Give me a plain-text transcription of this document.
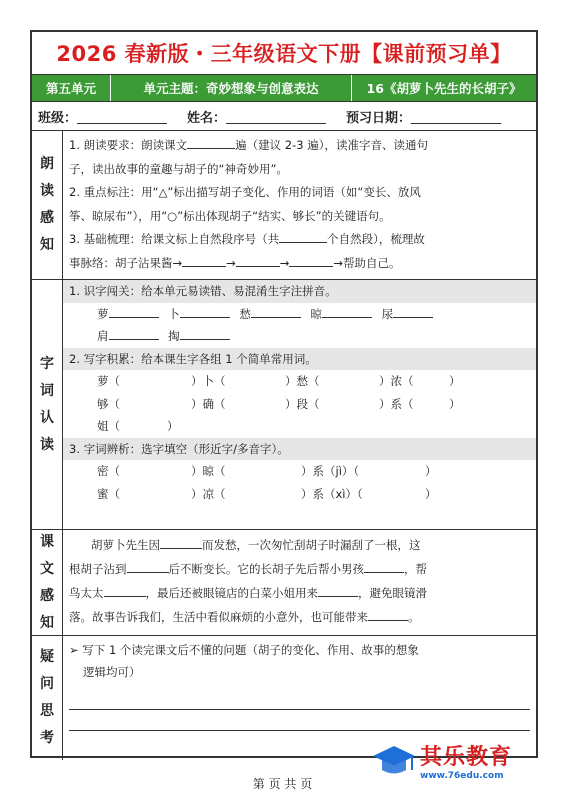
2026 春新版・三年级语文下册【课前预习单】
第五单元	单元主题：奇妙想象与创意表达	16《胡萝卜先生的长胡子》
班级：	姓名：	预习日期：
朗
读
感
知
1. 朗读要求：朗读课文	遍（建议 2-3 遍），读准字音、读通句
子，读出故事的童趣与胡子的“神奇妙用”。
2. 重点标注：用“△”标出描写胡子变化、作用的词语（如“变长、放风
筝、晾尿布”），用“○”标出体现胡子“结实、够长”的关键语句。
3. 基础梳理：给课文标上自然段序号（共	个自然段），梳理故
事脉络：胡子沾果酱→	→	→	→帮助自己。
字
词
认
读
1. 识字闯关：给本单元易读错、易混淆生字注拼音。
萝	卜	愁	晾	尿
肩	掏
2. 写字积累：给本课生字各组 1 个简单常用词。
萝（	）卜（	）愁（	）浓（	）
够（	）确（	）段（	）系（	）
姐（	）
3. 字词辨析：选字填空（形近字/多音字）。
密（	）晾（	）系（jì）（	）
蜜（	）凉（	）系（xì）（	）
课
文
感
知
胡萝卜先生因	而发愁，一次匆忙刮胡子时漏刮了一根，这
根胡子沾到	后不断变长。它的长胡子先后帮小男孩	，帮
鸟太太	，最后还被眼镜店的白菜小姐用来	，避免眼镜滑
落。故事告诉我们，生活中看似麻烦的小意外，也可能带来	。
疑
问
思
考
➢ 写下 1 个读完课文后不懂的问题（胡子的变化、作用、故事的想象
逻辑均可）
其乐教育
www.76edu.com
第 页 共 页
